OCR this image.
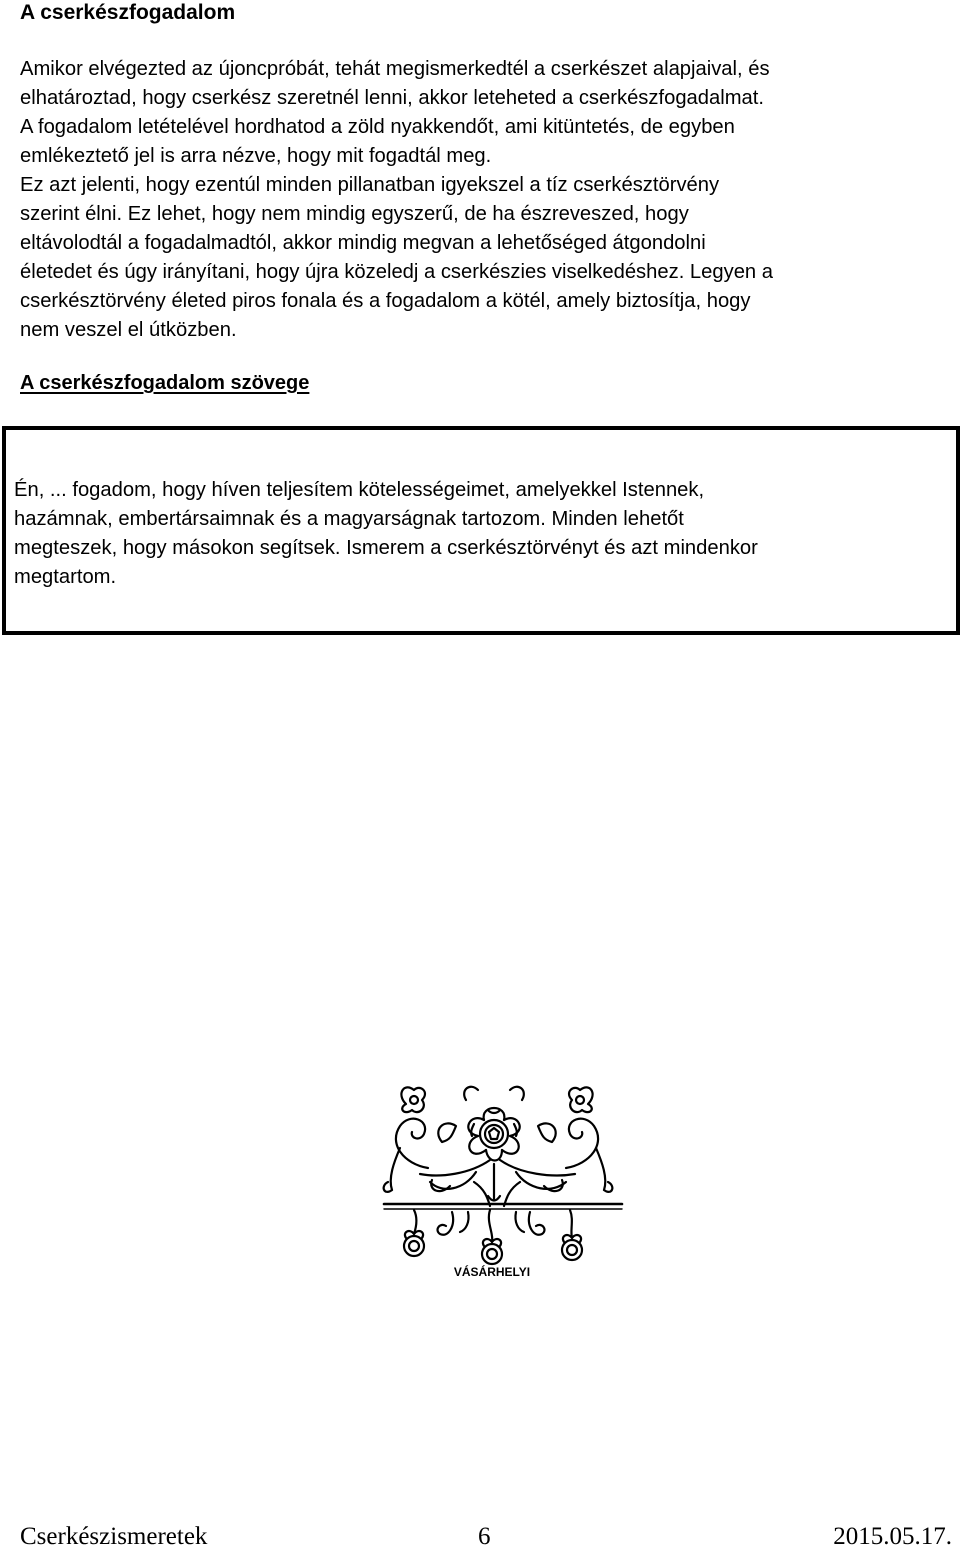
A cserkészfogadalom
Amikor elvégezted az újoncpróbát, tehát megismerkedtél a cserkészet alapjaival, és
elhatároztad, hogy cserkész szeretnél lenni, akkor leteheted a cserkészfogadalmat.
A fogadalom letételével hordhatod a zöld nyakkendőt, ami kitüntetés, de egyben
emlékeztető jel is arra nézve, hogy mit fogadtál meg.
Ez azt jelenti, hogy ezentúl minden pillanatban igyekszel a tíz cserkésztörvény
szerint élni. Ez lehet, hogy nem mindig egyszerű, de ha észreveszed, hogy
eltávolodtál a fogadalmadtól, akkor mindig megvan a lehetőséged átgondolni
életedet és úgy irányítani, hogy újra közeledj a cserkészies viselkedéshez. Legyen a
cserkésztörvény életed piros fonala és a fogadalom a kötél, amely biztosítja, hogy
nem veszel el útközben.
A cserkészfogadalom szövege
Én, ... fogadom, hogy híven teljesítem kötelességeimet, amelyekkel Istennek,
hazámnak, embertársaimnak és a magyarságnak tartozom. Minden lehetőt
megteszek, hogy másokon segítsek. Ismerem a cserkésztörvényt és azt mindenkor
megtartom.
VÁSÁRHELYI
Cserkészismeretek	6	2015.05.17.
